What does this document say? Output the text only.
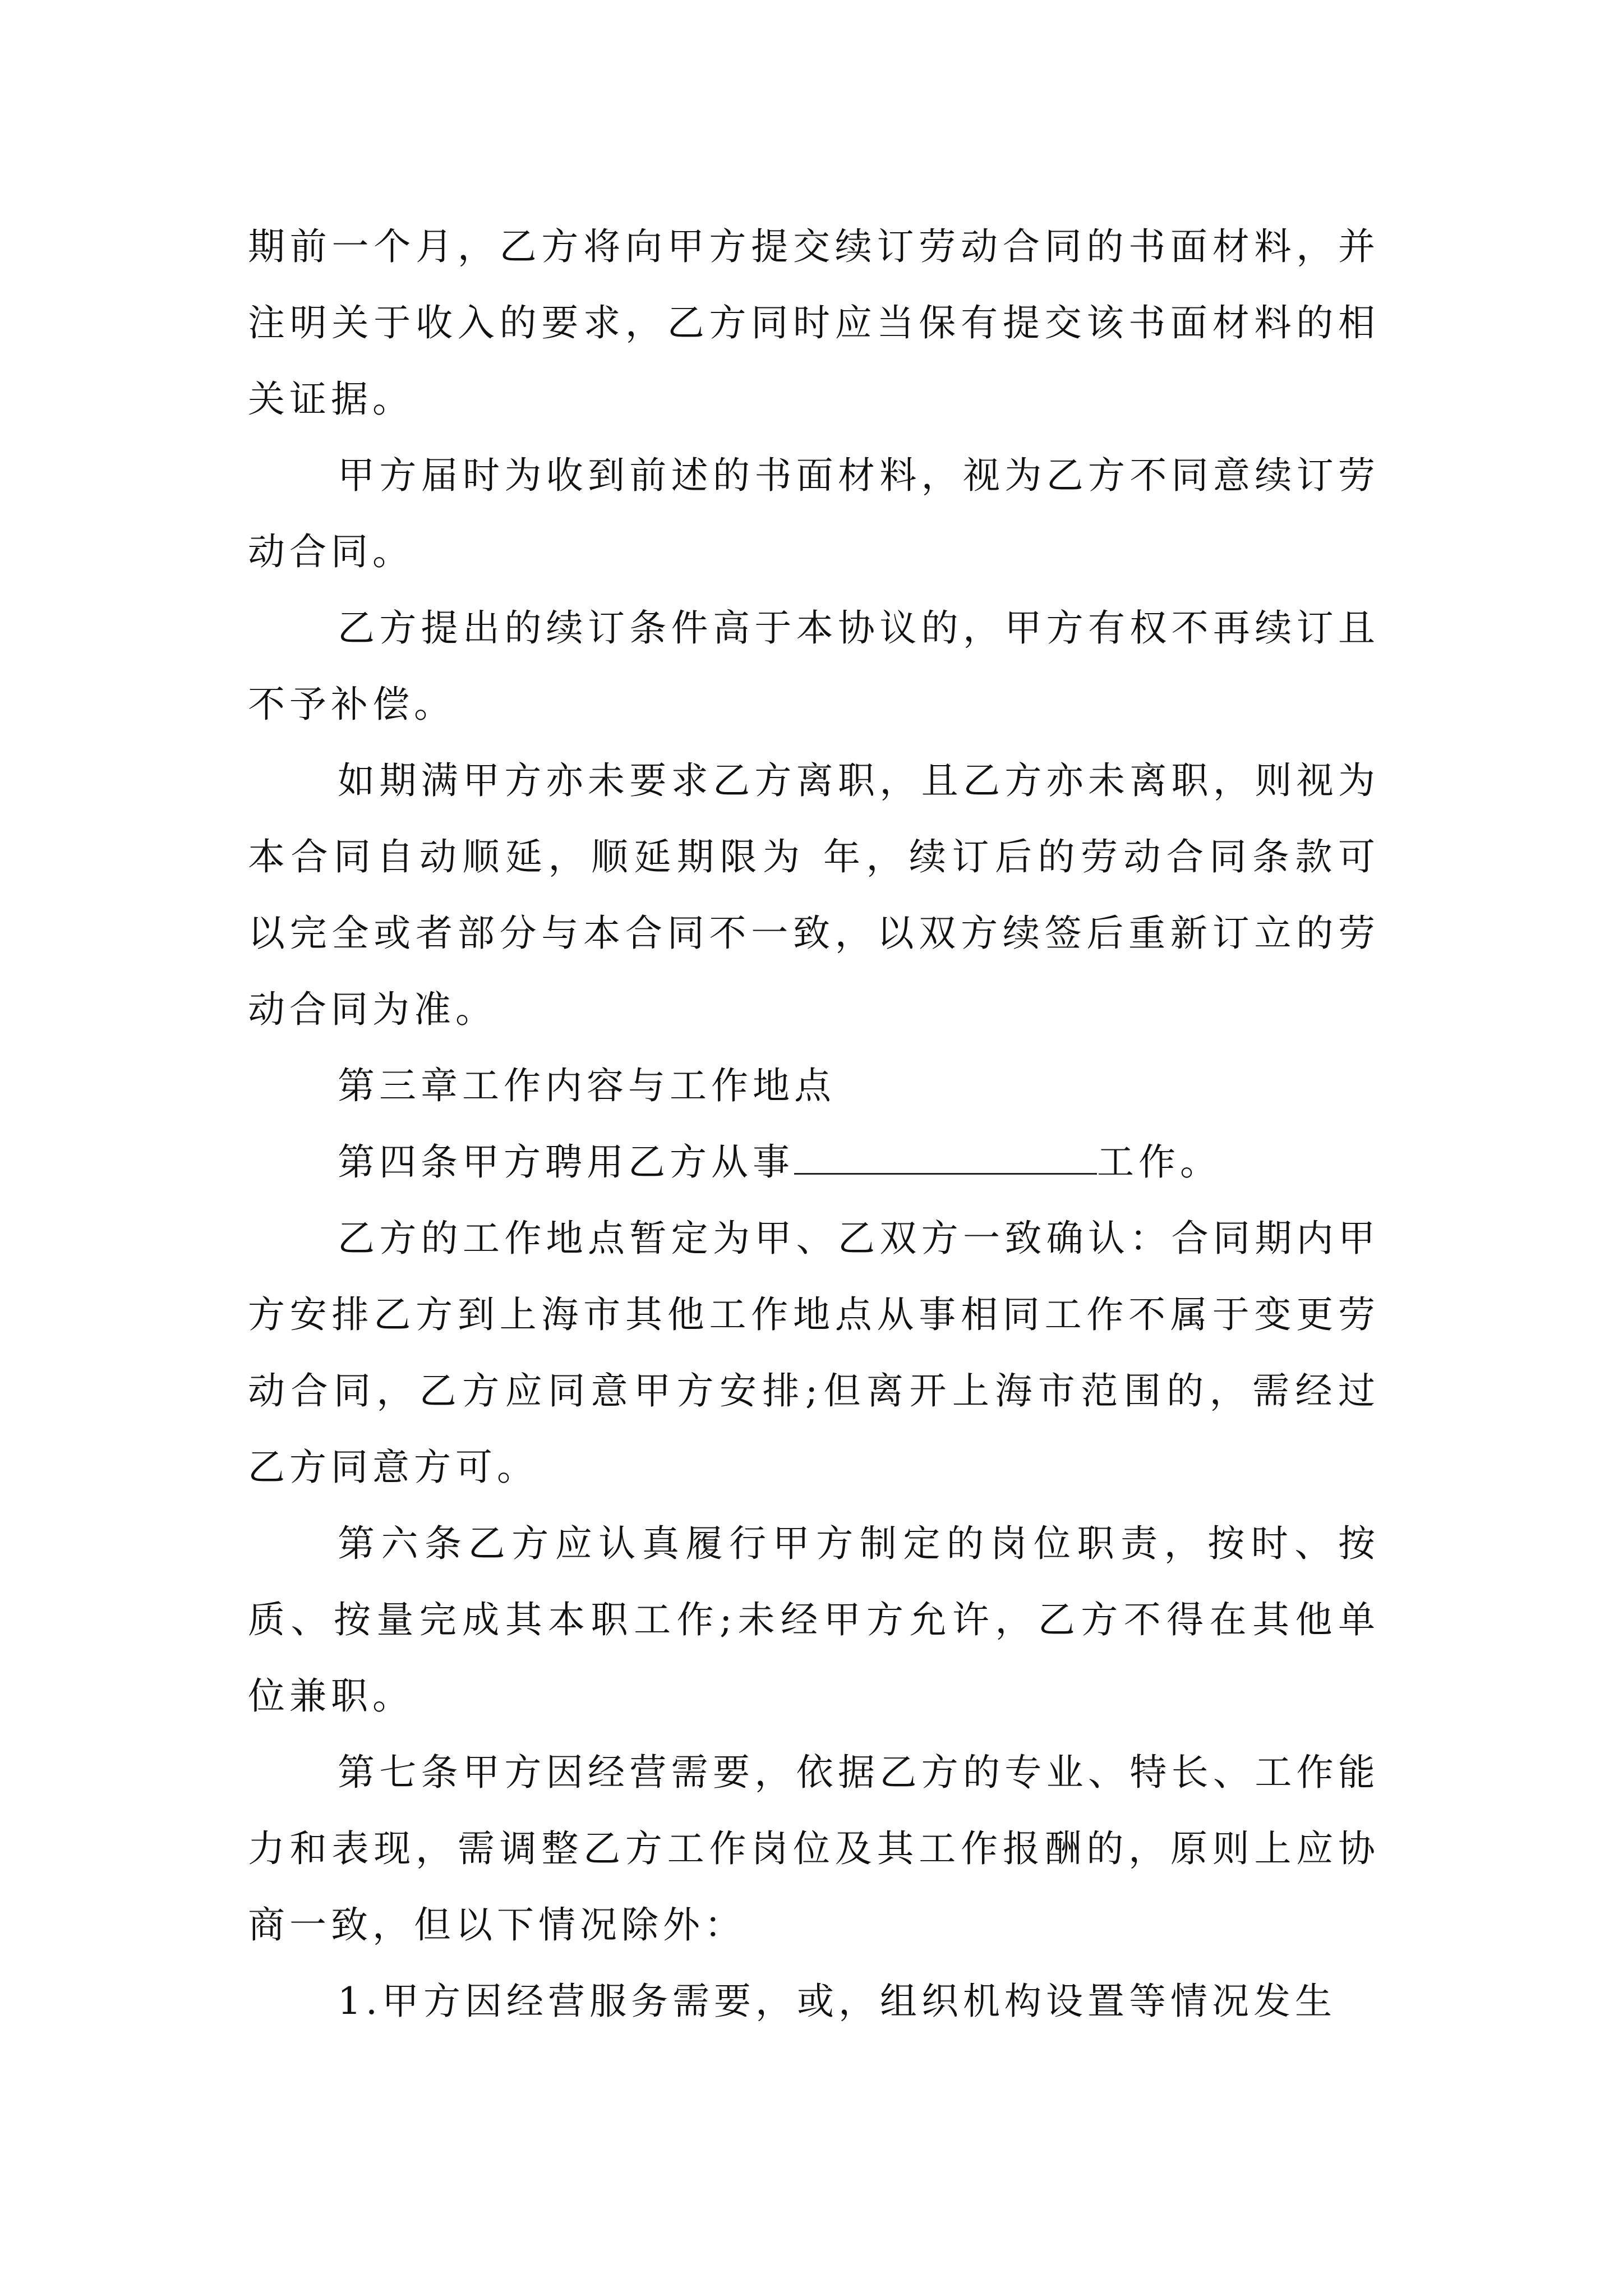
期前一个月，乙方将向甲方提交续订劳动合同的书面材料，并注明关于收入的要求，乙方同时应当保有提交该书面材料的相关证据。

甲方届时为收到前述的书面材料，视为乙方不同意续订劳动合同。

乙方提出的续订条件高于本协议的，甲方有权不再续订且不予补偿。

如期满甲方亦未要求乙方离职，且乙方亦未离职，则视为本合同自动顺延，顺延期限为 年，续订后的劳动合同条款可以完全或者部分与本合同不一致，以双方续签后重新订立的劳动合同为准。

第三章工作内容与工作地点

第四条甲方聘用乙方从事	工作。

乙方的工作地点暂定为甲、乙双方一致确认：合同期内甲方安排乙方到上海市其他工作地点从事相同工作不属于变更劳动合同，乙方应同意甲方安排;但离开上海市范围的，需经过乙方同意方可。

第六条乙方应认真履行甲方制定的岗位职责，按时、按质、按量完成其本职工作;未经甲方允许，乙方不得在其他单位兼职。

第七条甲方因经营需要，依据乙方的专业、特长、工作能力和表现，需调整乙方工作岗位及其工作报酬的，原则上应协商一致，但以下情况除外：

1.甲方因经营服务需要，或，组织机构设置等情况发生
